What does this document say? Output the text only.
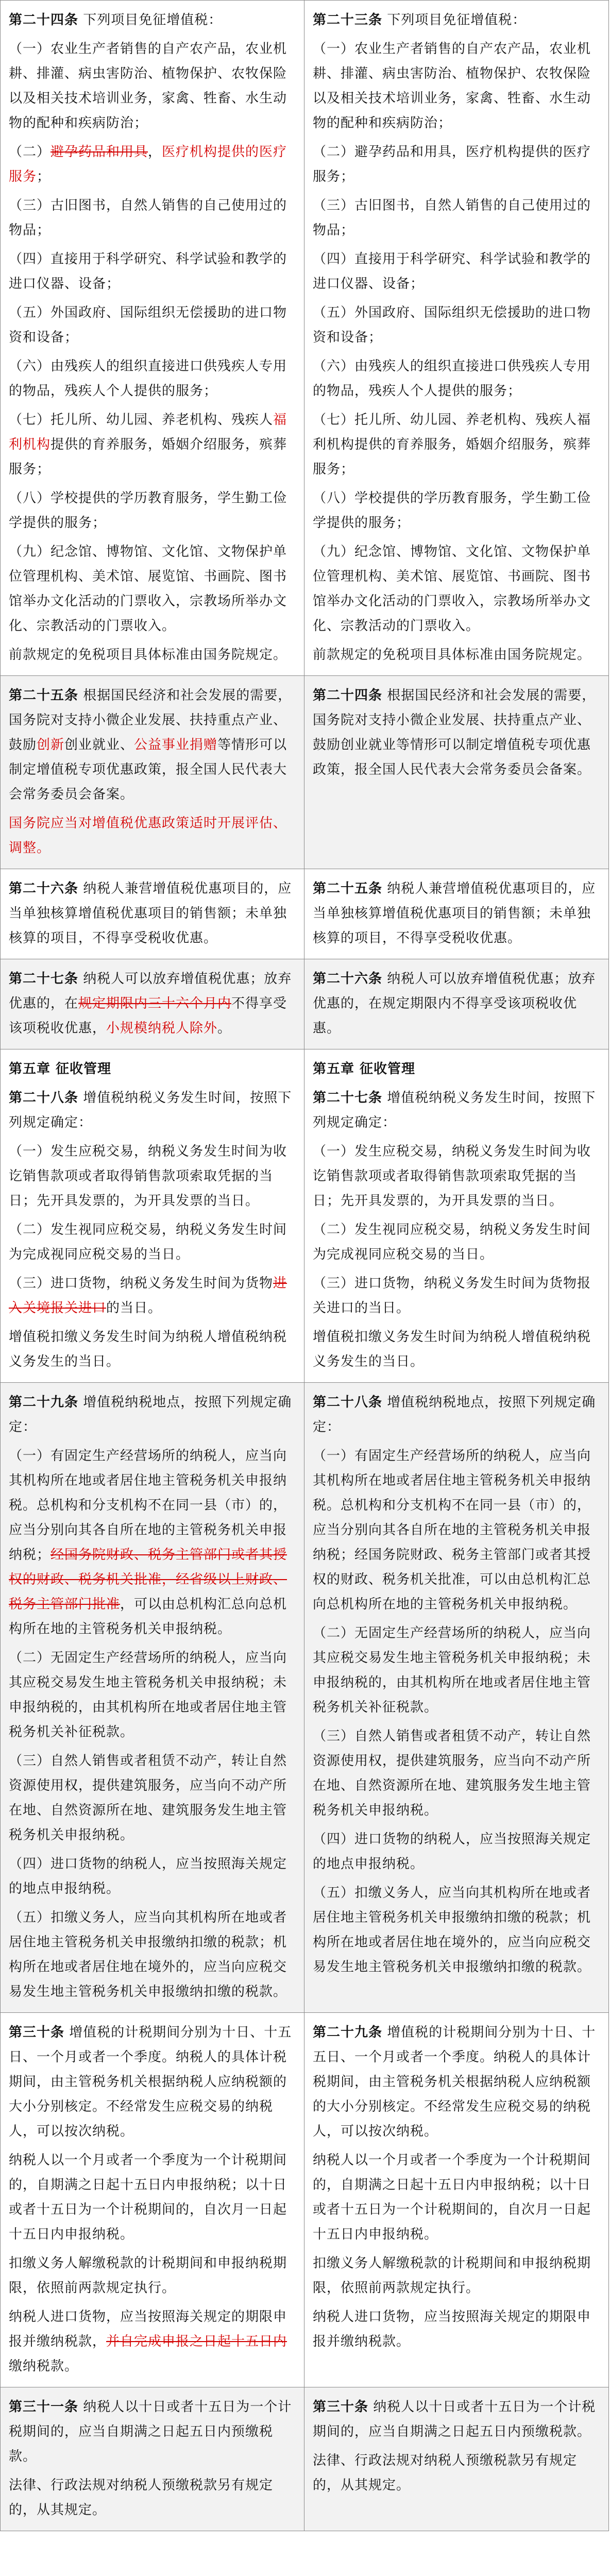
第二十四条 下列项目免征增值税：
（一）农业生产者销售的自产农产品，农业机耕、排灌、病虫害防治、植物保护、农牧保险以及相关技术培训业务，家禽、牲畜、水生动物的配种和疾病防治；
（二）避孕药品和用具，医疗机构提供的医疗服务；
（三）古旧图书，自然人销售的自己使用过的物品；
（四）直接用于科学研究、科学试验和教学的进口仪器、设备；
（五）外国政府、国际组织无偿援助的进口物资和设备；
（六）由残疾人的组织直接进口供残疾人专用的物品，残疾人个人提供的服务；
（七）托儿所、幼儿园、养老机构、残疾人福利机构提供的育养服务，婚姻介绍服务，殡葬服务；
（八）学校提供的学历教育服务，学生勤工俭学提供的服务；
（九）纪念馆、博物馆、文化馆、文物保护单位管理机构、美术馆、展览馆、书画院、图书馆举办文化活动的门票收入，宗教场所举办文化、宗教活动的门票收入。
前款规定的免税项目具体标准由国务院规定。
第二十三条 下列项目免征增值税：
（一）农业生产者销售的自产农产品，农业机耕、排灌、病虫害防治、植物保护、农牧保险以及相关技术培训业务，家禽、牲畜、水生动物的配种和疾病防治；
（二）避孕药品和用具，医疗机构提供的医疗服务；
（三）古旧图书，自然人销售的自己使用过的物品；
（四）直接用于科学研究、科学试验和教学的进口仪器、设备；
（五）外国政府、国际组织无偿援助的进口物资和设备；
（六）由残疾人的组织直接进口供残疾人专用的物品，残疾人个人提供的服务；
（七）托儿所、幼儿园、养老机构、残疾人福利机构提供的育养服务，婚姻介绍服务，殡葬服务；
（八）学校提供的学历教育服务，学生勤工俭学提供的服务；
（九）纪念馆、博物馆、文化馆、文物保护单位管理机构、美术馆、展览馆、书画院、图书馆举办文化活动的门票收入，宗教场所举办文化、宗教活动的门票收入。
前款规定的免税项目具体标准由国务院规定。
第二十五条 根据国民经济和社会发展的需要，国务院对支持小微企业发展、扶持重点产业、鼓励创新创业就业、公益事业捐赠等情形可以制定增值税专项优惠政策，报全国人民代表大会常务委员会备案。
国务院应当对增值税优惠政策适时开展评估、调整。
第二十四条 根据国民经济和社会发展的需要，国务院对支持小微企业发展、扶持重点产业、鼓励创业就业等情形可以制定增值税专项优惠政策，报全国人民代表大会常务委员会备案。
第二十六条 纳税人兼营增值税优惠项目的，应当单独核算增值税优惠项目的销售额；未单独核算的项目，不得享受税收优惠。
第二十五条 纳税人兼营增值税优惠项目的，应当单独核算增值税优惠项目的销售额；未单独核算的项目，不得享受税收优惠。
第二十七条 纳税人可以放弃增值税优惠；放弃优惠的，在规定期限内三十六个月内不得享受该项税收优惠，小规模纳税人除外。
第二十六条 纳税人可以放弃增值税优惠；放弃优惠的，在规定期限内不得享受该项税收优惠。
第五章 征收管理
第二十八条 增值税纳税义务发生时间，按照下列规定确定：
（一）发生应税交易，纳税义务发生时间为收讫销售款项或者取得销售款项索取凭据的当日；先开具发票的，为开具发票的当日。
（二）发生视同应税交易，纳税义务发生时间为完成视同应税交易的当日。
（三）进口货物，纳税义务发生时间为货物进入关境报关进口的当日。
增值税扣缴义务发生时间为纳税人增值税纳税义务发生的当日。
第五章 征收管理
第二十七条 增值税纳税义务发生时间，按照下列规定确定：
（一）发生应税交易，纳税义务发生时间为收讫销售款项或者取得销售款项索取凭据的当日；先开具发票的，为开具发票的当日。
（二）发生视同应税交易，纳税义务发生时间为完成视同应税交易的当日。
（三）进口货物，纳税义务发生时间为货物报关进口的当日。
增值税扣缴义务发生时间为纳税人增值税纳税义务发生的当日。
第二十九条 增值税纳税地点，按照下列规定确定：
（一）有固定生产经营场所的纳税人，应当向其机构所在地或者居住地主管税务机关申报纳税。总机构和分支机构不在同一县（市）的，应当分别向其各自所在地的主管税务机关申报纳税；经国务院财政、税务主管部门或者其授权的财政、税务机关批准，经省级以上财政、税务主管部门批准，可以由总机构汇总向总机构所在地的主管税务机关申报纳税。
（二）无固定生产经营场所的纳税人，应当向其应税交易发生地主管税务机关申报纳税；未申报纳税的，由其机构所在地或者居住地主管税务机关补征税款。
（三）自然人销售或者租赁不动产，转让自然资源使用权，提供建筑服务，应当向不动产所在地、自然资源所在地、建筑服务发生地主管税务机关申报纳税。
（四）进口货物的纳税人，应当按照海关规定的地点申报纳税。
（五）扣缴义务人，应当向其机构所在地或者居住地主管税务机关申报缴纳扣缴的税款；机构所在地或者居住地在境外的，应当向应税交易发生地主管税务机关申报缴纳扣缴的税款。
第二十八条 增值税纳税地点，按照下列规定确定：
（一）有固定生产经营场所的纳税人，应当向其机构所在地或者居住地主管税务机关申报纳税。总机构和分支机构不在同一县（市）的，应当分别向其各自所在地的主管税务机关申报纳税；经国务院财政、税务主管部门或者其授权的财政、税务机关批准，可以由总机构汇总向总机构所在地的主管税务机关申报纳税。
（二）无固定生产经营场所的纳税人，应当向其应税交易发生地主管税务机关申报纳税；未申报纳税的，由其机构所在地或者居住地主管税务机关补征税款。
（三）自然人销售或者租赁不动产，转让自然资源使用权，提供建筑服务，应当向不动产所在地、自然资源所在地、建筑服务发生地主管税务机关申报纳税。
（四）进口货物的纳税人，应当按照海关规定的地点申报纳税。
（五）扣缴义务人，应当向其机构所在地或者居住地主管税务机关申报缴纳扣缴的税款；机构所在地或者居住地在境外的，应当向应税交易发生地主管税务机关申报缴纳扣缴的税款。
第三十条 增值税的计税期间分别为十日、十五日、一个月或者一个季度。纳税人的具体计税期间，由主管税务机关根据纳税人应纳税额的大小分别核定。不经常发生应税交易的纳税人，可以按次纳税。
纳税人以一个月或者一个季度为一个计税期间的，自期满之日起十五日内申报纳税；以十日或者十五日为一个计税期间的，自次月一日起十五日内申报纳税。
扣缴义务人解缴税款的计税期间和申报纳税期限，依照前两款规定执行。
纳税人进口货物，应当按照海关规定的期限申报并缴纳税款，并自完成申报之日起十五日内缴纳税款。
第二十九条 增值税的计税期间分别为十日、十五日、一个月或者一个季度。纳税人的具体计税期间，由主管税务机关根据纳税人应纳税额的大小分别核定。不经常发生应税交易的纳税人，可以按次纳税。
纳税人以一个月或者一个季度为一个计税期间的，自期满之日起十五日内申报纳税；以十日或者十五日为一个计税期间的，自次月一日起十五日内申报纳税。
扣缴义务人解缴税款的计税期间和申报纳税期限，依照前两款规定执行。
纳税人进口货物，应当按照海关规定的期限申报并缴纳税款。
第三十一条 纳税人以十日或者十五日为一个计税期间的，应当自期满之日起五日内预缴税款。
法律、行政法规对纳税人预缴税款另有规定的，从其规定。
第三十条 纳税人以十日或者十五日为一个计税期间的，应当自期满之日起五日内预缴税款。
法律、行政法规对纳税人预缴税款另有规定的，从其规定。
